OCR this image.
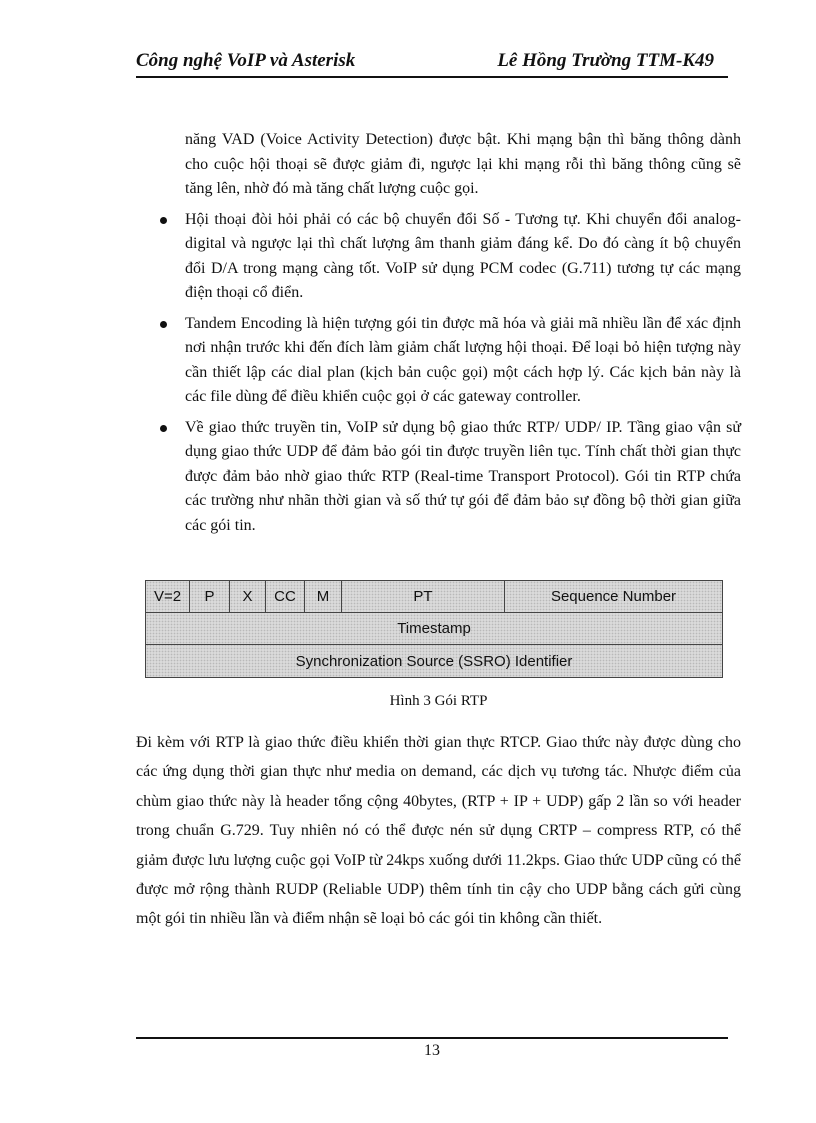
Công nghệ VoIP và Asterisk	Lê Hồng Trường TTM-K49

năng VAD (Voice Activity Detection) được bật. Khi mạng bận thì băng thông dành cho cuộc hội thoại sẽ được giảm đi, ngược lại khi mạng rỗi thì băng thông cũng sẽ tăng lên, nhờ đó mà tăng chất lượng cuộc gọi.

Hội thoại đòi hỏi phải có các bộ chuyển đổi Số - Tương tự. Khi chuyển đổi analog-digital và ngược lại thì chất lượng âm thanh giảm đáng kể. Do đó càng ít bộ chuyển đổi D/A trong mạng càng tốt. VoIP sử dụng PCM codec (G.711) tương tự các mạng điện thoại cổ điển.

Tandem Encoding là hiện tượng gói tin được mã hóa và giải mã nhiều lần để xác định nơi nhận trước khi đến đích làm giảm chất lượng hội thoại. Để loại bỏ hiện tượng này cần thiết lập các dial plan (kịch bản cuộc gọi) một cách hợp lý. Các kịch bản này là các file dùng để điều khiển cuộc gọi ở các gateway controller.

Về giao thức truyền tin, VoIP sử dụng bộ giao thức RTP/ UDP/ IP. Tầng giao vận sử dụng giao thức UDP để đảm bảo gói tin được truyền liên tục. Tính chất thời gian thực được đảm bảo nhờ giao thức RTP (Real-time Transport Protocol). Gói tin RTP chứa các trường như nhãn thời gian và số thứ tự gói để đảm bảo sự đồng bộ thời gian giữa các gói tin.

V=2	P	X	CC	M	PT	Sequence Number
Timestamp
Synchronization Source (SSRO) Identifier
Hình 3 Gói RTP

Đi kèm với RTP là giao thức điều khiển thời gian thực RTCP. Giao thức này được dùng cho các ứng dụng thời gian thực như media on demand, các dịch vụ tương tác. Nhược điểm của chùm giao thức này là header tổng cộng 40bytes, (RTP + IP + UDP) gấp 2 lần so với header trong chuẩn G.729. Tuy nhiên nó có thể được nén sử dụng CRTP – compress RTP, có thể giảm được lưu lượng cuộc gọi VoIP từ 24kps xuống dưới 11.2kps. Giao thức UDP cũng có thể được mở rộng thành RUDP (Reliable UDP) thêm tính tin cậy cho UDP bằng cách gửi cùng một gói tin nhiều lần và điểm nhận sẽ loại bỏ các gói tin không cần thiết.

13
